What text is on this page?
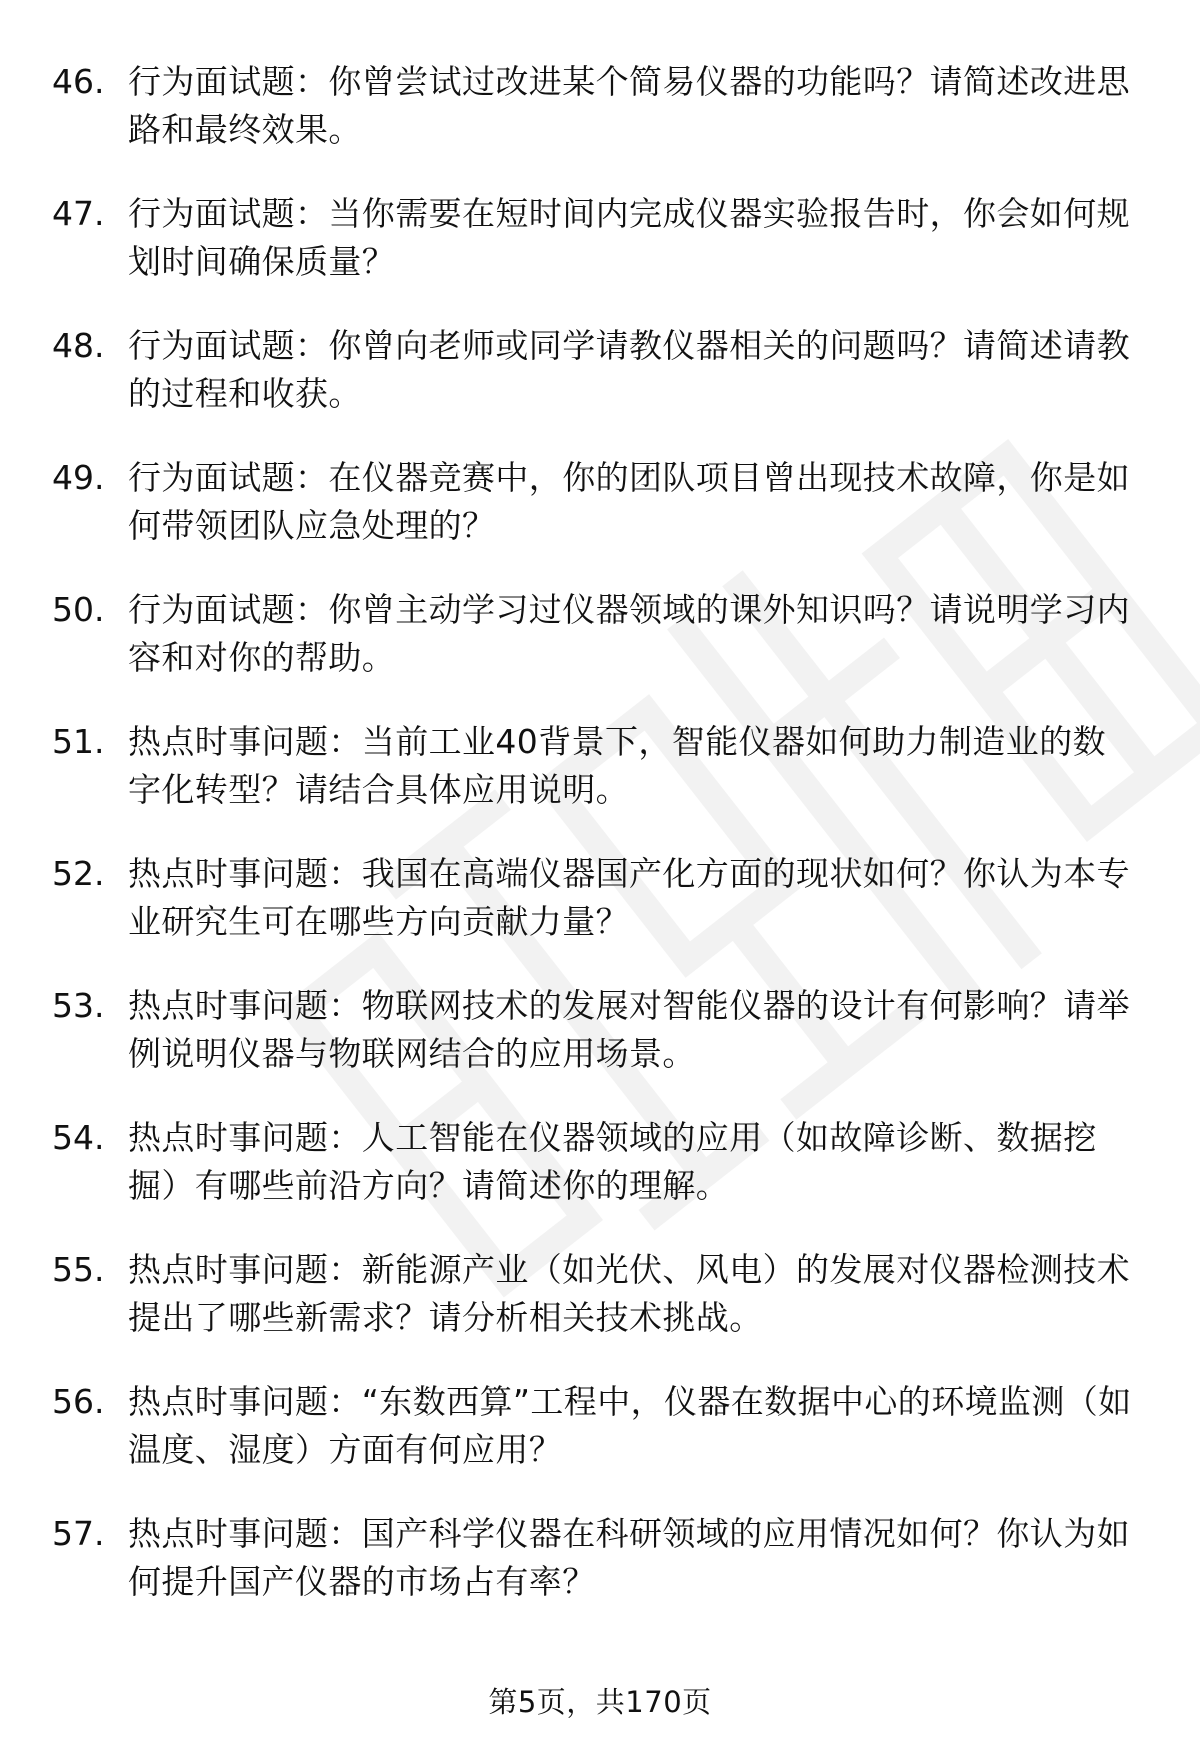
46. 行为面试题：你曾尝试过改进某个简易仪器的功能吗？请简述改进思路和最终效果。
47. 行为面试题：当你需要在短时间内完成仪器实验报告时，你会如何规划时间确保质量？
48. 行为面试题：你曾向老师或同学请教仪器相关的问题吗？请简述请教的过程和收获。
49. 行为面试题：在仪器竞赛中，你的团队项目曾出现技术故障，你是如何带领团队应急处理的？
50. 行为面试题：你曾主动学习过仪器领域的课外知识吗？请说明学习内容和对你的帮助。
51. 热点时事问题：当前工业40背景下，智能仪器如何助力制造业的数字化转型？请结合具体应用说明。
52. 热点时事问题：我国在高端仪器国产化方面的现状如何？你认为本专业研究生可在哪些方向贡献力量？
53. 热点时事问题：物联网技术的发展对智能仪器的设计有何影响？请举例说明仪器与物联网结合的应用场景。
54. 热点时事问题：人工智能在仪器领域的应用（如故障诊断、数据挖掘）有哪些前沿方向？请简述你的理解。
55. 热点时事问题：新能源产业（如光伏、风电）的发展对仪器检测技术提出了哪些新需求？请分析相关技术挑战。
56. 热点时事问题：“东数西算”工程中，仪器在数据中心的环境监测（如温度、湿度）方面有何应用？
57. 热点时事问题：国产科学仪器在科研领域的应用情况如何？你认为如何提升国产仪器的市场占有率？
第5页，共170页
